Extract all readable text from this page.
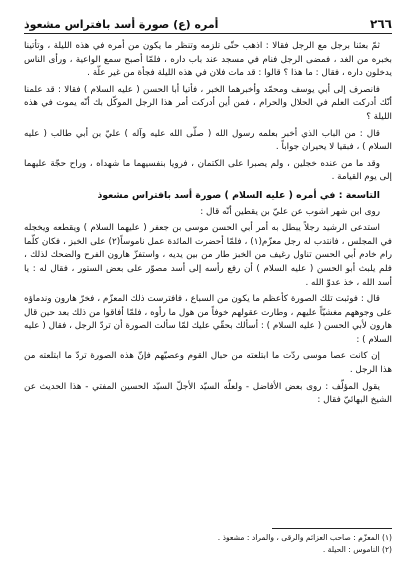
٢٦٦
أمره (ع) صورة أسد بافتراس مشعوذ

ثمّ بعثنا برجل مع الرجل فقالا : اذهب حتّى تلزمه وتنظر ما يكون من أمره في هذه الليلة ، وتأتينا بخبره من الغد ، فمضى الرجل فنام في مسجد عند باب داره ، فلمّا أصبح سمع الواعية ، ورأى الناس يدخلون داره ، فقال : ما هذا ؟ قالوا : قد مات فلان في هذه الليلة فجأة من غير علّة .

فانصرف إلى أبي يوسف ومحمّد وأخبرهما الخبر ، فأتيا أبا الحسن ( عليه السلام ) فقالا : قد علمنا أنّك أدركت العلم في الحلال والحرام ، فمن أين أدركت أمر هذا الرجل الموكّل بك أنّه يموت في هذه الليلة ؟

قال : من الباب الذي أخبر بعلمه رسول الله ( صلّى الله عليه وآله ) عليّ بن أبي طالب ( عليه السلام ) ، فبقيا لا يحيران جواباً .

وقد ما من عنده خجلين ، ولم يصبرا على الكتمان ، فرويا بنفسيهما ما شهداه ، وراح حجّة عليهما إلى يوم القيامة .

التاسعة : في أمره ( عليه السلام ) صورة أسد بافتراس مشعوذ

روى ابن شهر اشوب عن عليّ بن يقطين أنّه قال :

استدعى الرشيد رجلاً يبطل به أمر أبي الحسن موسى بن جعفر ( عليهما السلام ) ويقطعه ويخجله في المجلس ، فانتدب له رجل معزّم(١) ، فلمّا أحضرت المائدة عمل ناموساً(٢) على الخبز ، فكان كلّما رام خادم أبي الحسن تناول رغيف من الخبز طار من بين يديه ، واستفزّ هارون الفرح والضحك لذلك ، فلم يلبث أبو الحسن ( عليه السلام ) أن رفع رأسه إلى أسد مصوّر على بعض الستور ، فقال له : يا أسد الله ، خذ عدوّ الله .

قال : فوثبت تلك الصورة كأعظم ما يكون من السباع ، فافترست ذلك المعزّم ، فخرّ هارون وندماؤه على وجوههم مغشيّاً عليهم ، وطارت عقولهم خوفاً من هول ما رأوه ، فلمّا أفاقوا من ذلك بعد حين قال هارون لأبي الحسن ( عليه السلام ) : أسألك بحقّي عليك لمّا سألت الصورة أن تردّ الرجل ، فقال ( عليه السلام ) :

إن كانت عصا موسى ردّت ما ابتلعته من حبال القوم وعصيّهم فإنّ هذه الصورة تردّ ما ابتلعته من هذا الرجل .

يقول المؤلّف : روى بعض الأفاضل - ولعلّه السيّد الأجلّ السيّد الحسين المفتي - هذا الحديث عن الشيخ البهائيّ فقال :

(١) المعزّم : صاحب العزائم والرقى ، والمراد : مشعوذ .

(٢) الناموس : الحيلة .
